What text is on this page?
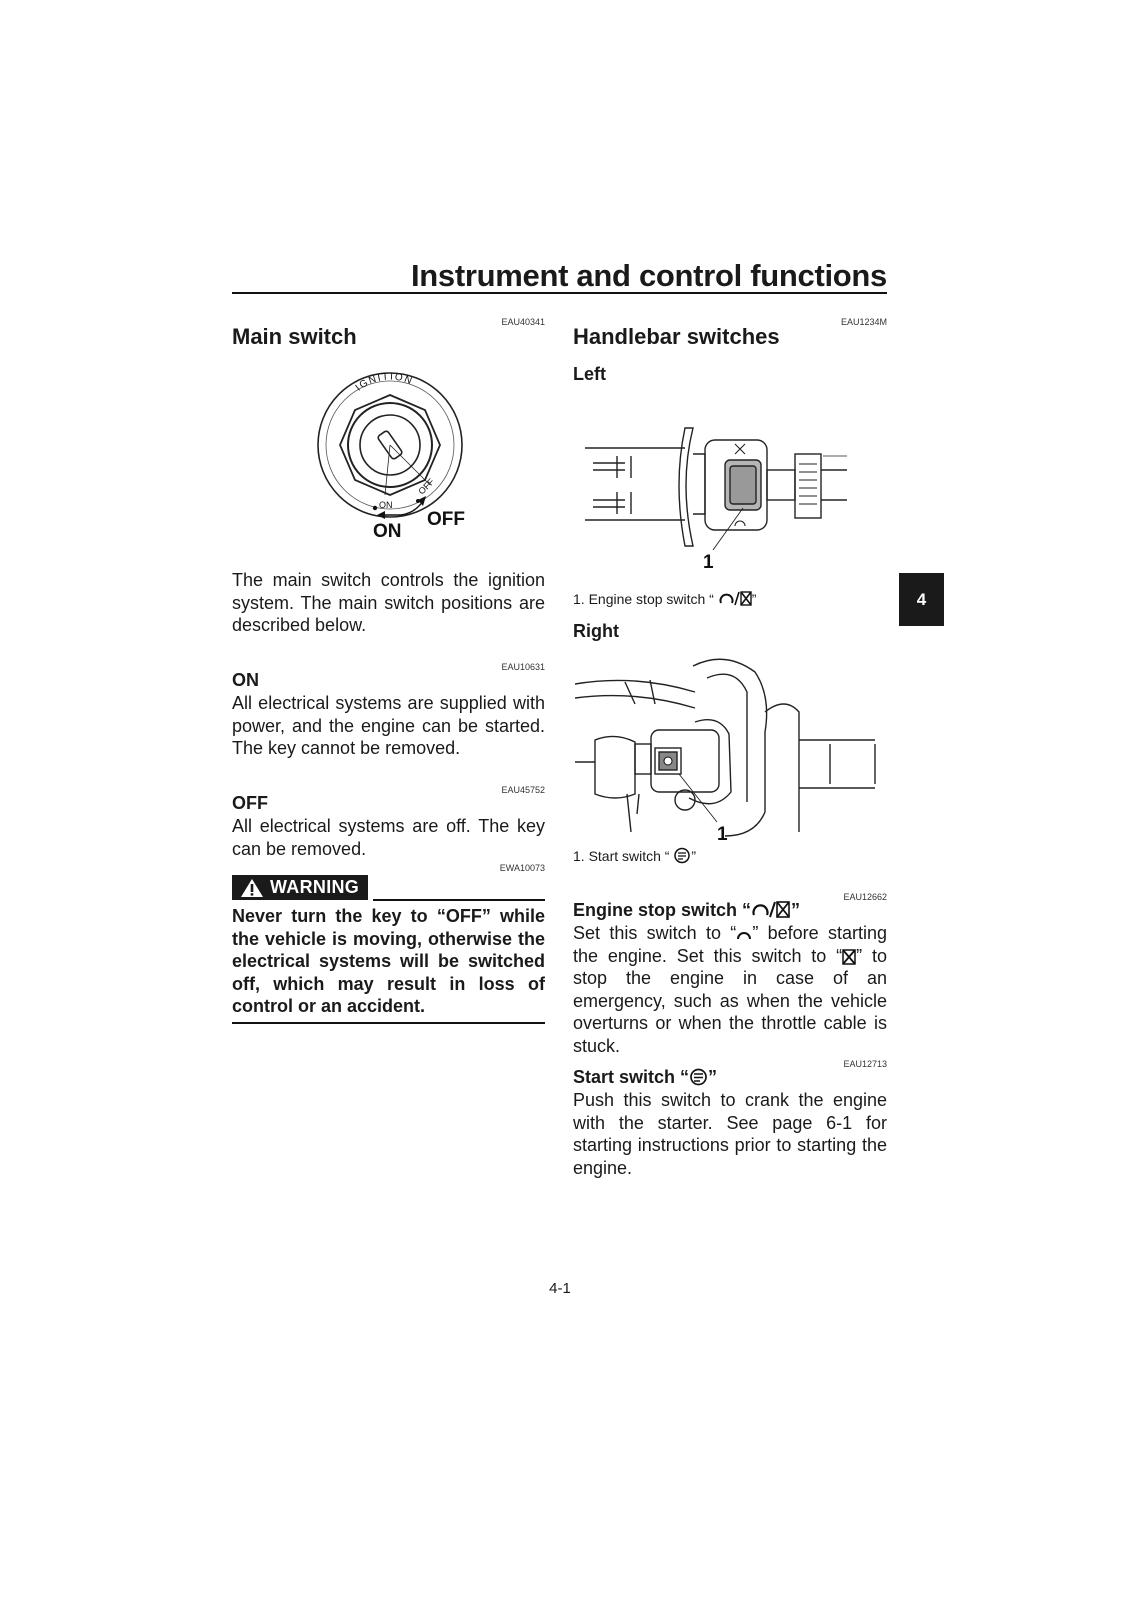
Instrument and control functions
4
EAU40341
Main switch
IGNITION
ON
OFF
ON
OFF
The main switch controls the ignition system. The main switch positions are described below.
EAU10631
ON
All electrical systems are supplied with power, and the engine can be started. The key cannot be removed.
EAU45752
OFF
All electrical systems are off. The key can be removed.
EWA10073
WARNING
Never turn the key to “OFF” while the vehicle is moving, otherwise the electrical systems will be switched off, which may result in loss of control or an accident.
EAU1234M
Handlebar switches
Left
1
1. Engine stop switch “	”
Right
1
1. Start switch “ ”
EAU12662
Engine stop switch “ ”
Set this switch to “ ” before starting the engine. Set this switch to “ ” to stop the engine in case of an emergency, such as when the vehicle overturns or when the throttle cable is stuck.
EAU12713
Start switch “ ”
Push this switch to crank the engine with the starter. See page 6-1 for starting instructions prior to starting the engine.
4-1
